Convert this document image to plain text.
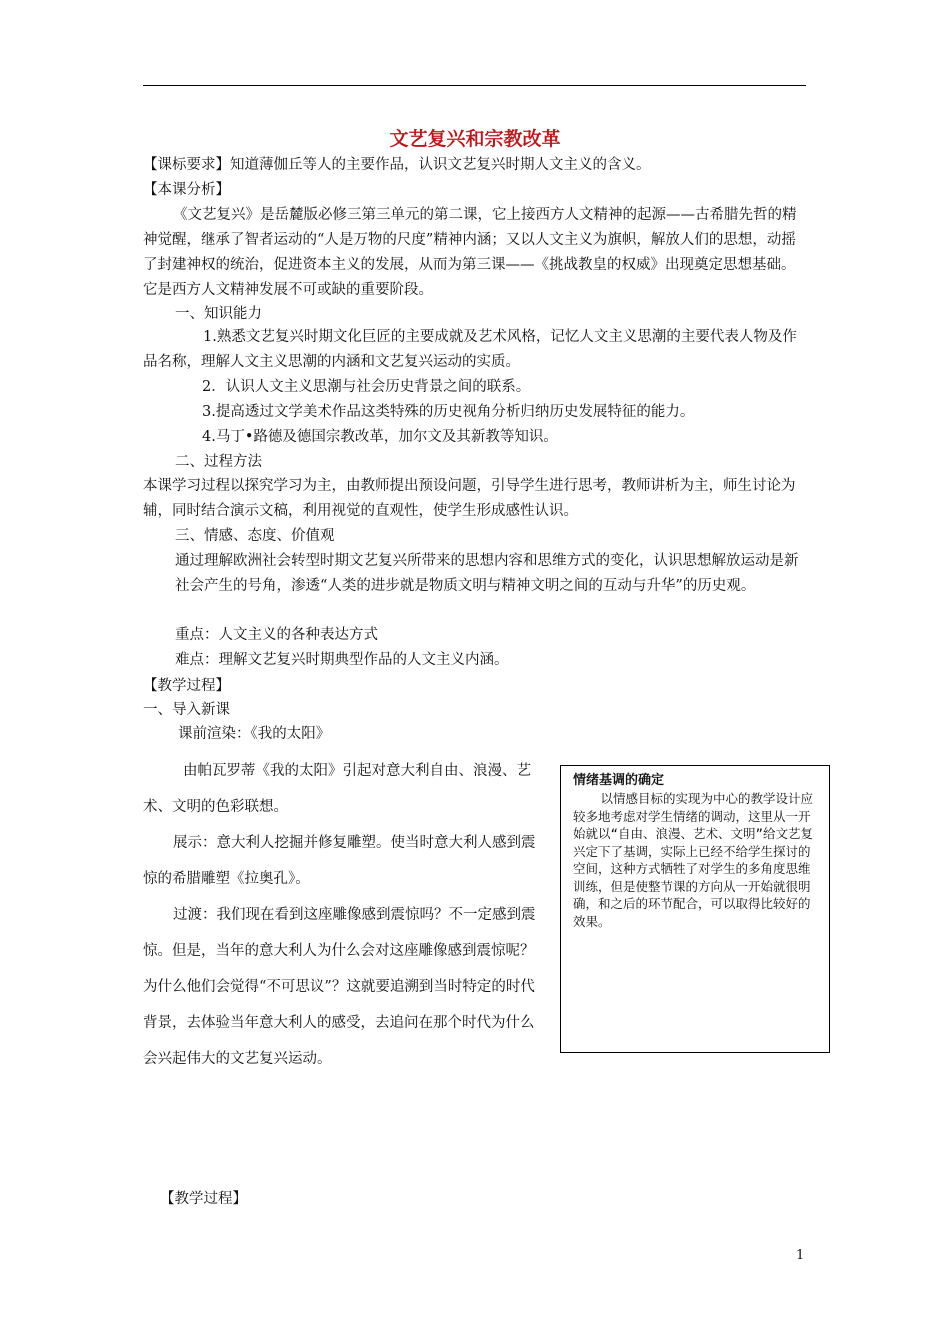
文艺复兴和宗教改革
【课标要求】知道薄伽丘等人的主要作品，认识文艺复兴时期人文主义的含义。
【本课分析】
《文艺复兴》是岳麓版必修三第三单元的第二课，它上接西方人文精神的起源——古希腊先哲的精神觉醒，继承了智者运动的“人是万物的尺度”精神内涵；又以人文主义为旗帜，解放人们的思想，动摇了封建神权的统治，促进资本主义的发展，从而为第三课——《挑战教皇的权威》出现奠定思想基础。它是西方人文精神发展不可或缺的重要阶段。
一、知识能力
1.熟悉文艺复兴时期文化巨匠的主要成就及艺术风格，记忆人文主义思潮的主要代表人物及作品名称，理解人文主义思潮的内涵和文艺复兴运动的实质。
2．认识人文主义思潮与社会历史背景之间的联系。
3.提高透过文学美术作品这类特殊的历史视角分析归纳历史发展特征的能力。
4.马丁•路德及德国宗教改革，加尔文及其新教等知识。
二、过程方法
本课学习过程以探究学习为主，由教师提出预设问题，引导学生进行思考，教师讲析为主，师生讨论为辅，同时结合演示文稿，利用视觉的直观性，使学生形成感性认识。
三、情感、态度、价值观
通过理解欧洲社会转型时期文艺复兴所带来的思想内容和思维方式的变化，认识思想解放运动是新社会产生的号角，渗透“人类的进步就是物质文明与精神文明之间的互动与升华”的历史观。
重点：人文主义的各种表达方式
难点：理解文艺复兴时期典型作品的人文主义内涵。
【教学过程】
一、导入新课
课前渲染：《我的太阳》
由帕瓦罗蒂《我的太阳》引起对意大利自由、浪漫、艺术、文明的色彩联想。
展示：意大利人挖掘并修复雕塑。使当时意大利人感到震惊的希腊雕塑《拉奥孔》。
过渡：我们现在看到这座雕像感到震惊吗？不一定感到震惊。但是，当年的意大利人为什么会对这座雕像感到震惊呢？为什么他们会觉得“不可思议”？这就要追溯到当时特定的时代背景，去体验当年意大利人的感受，去追问在那个时代为什么会兴起伟大的文艺复兴运动。
情绪基调的确定
以情感目标的实现为中心的教学设计应较多地考虑对学生情绪的调动，这里从一开始就以“自由、浪漫、艺术、文明”给文艺复兴定下了基调，实际上已经不给学生探讨的空间，这种方式牺牲了对学生的多角度思维训练，但是使整节课的方向从一开始就很明确，和之后的环节配合，可以取得比较好的效果。
【教学过程】
1
